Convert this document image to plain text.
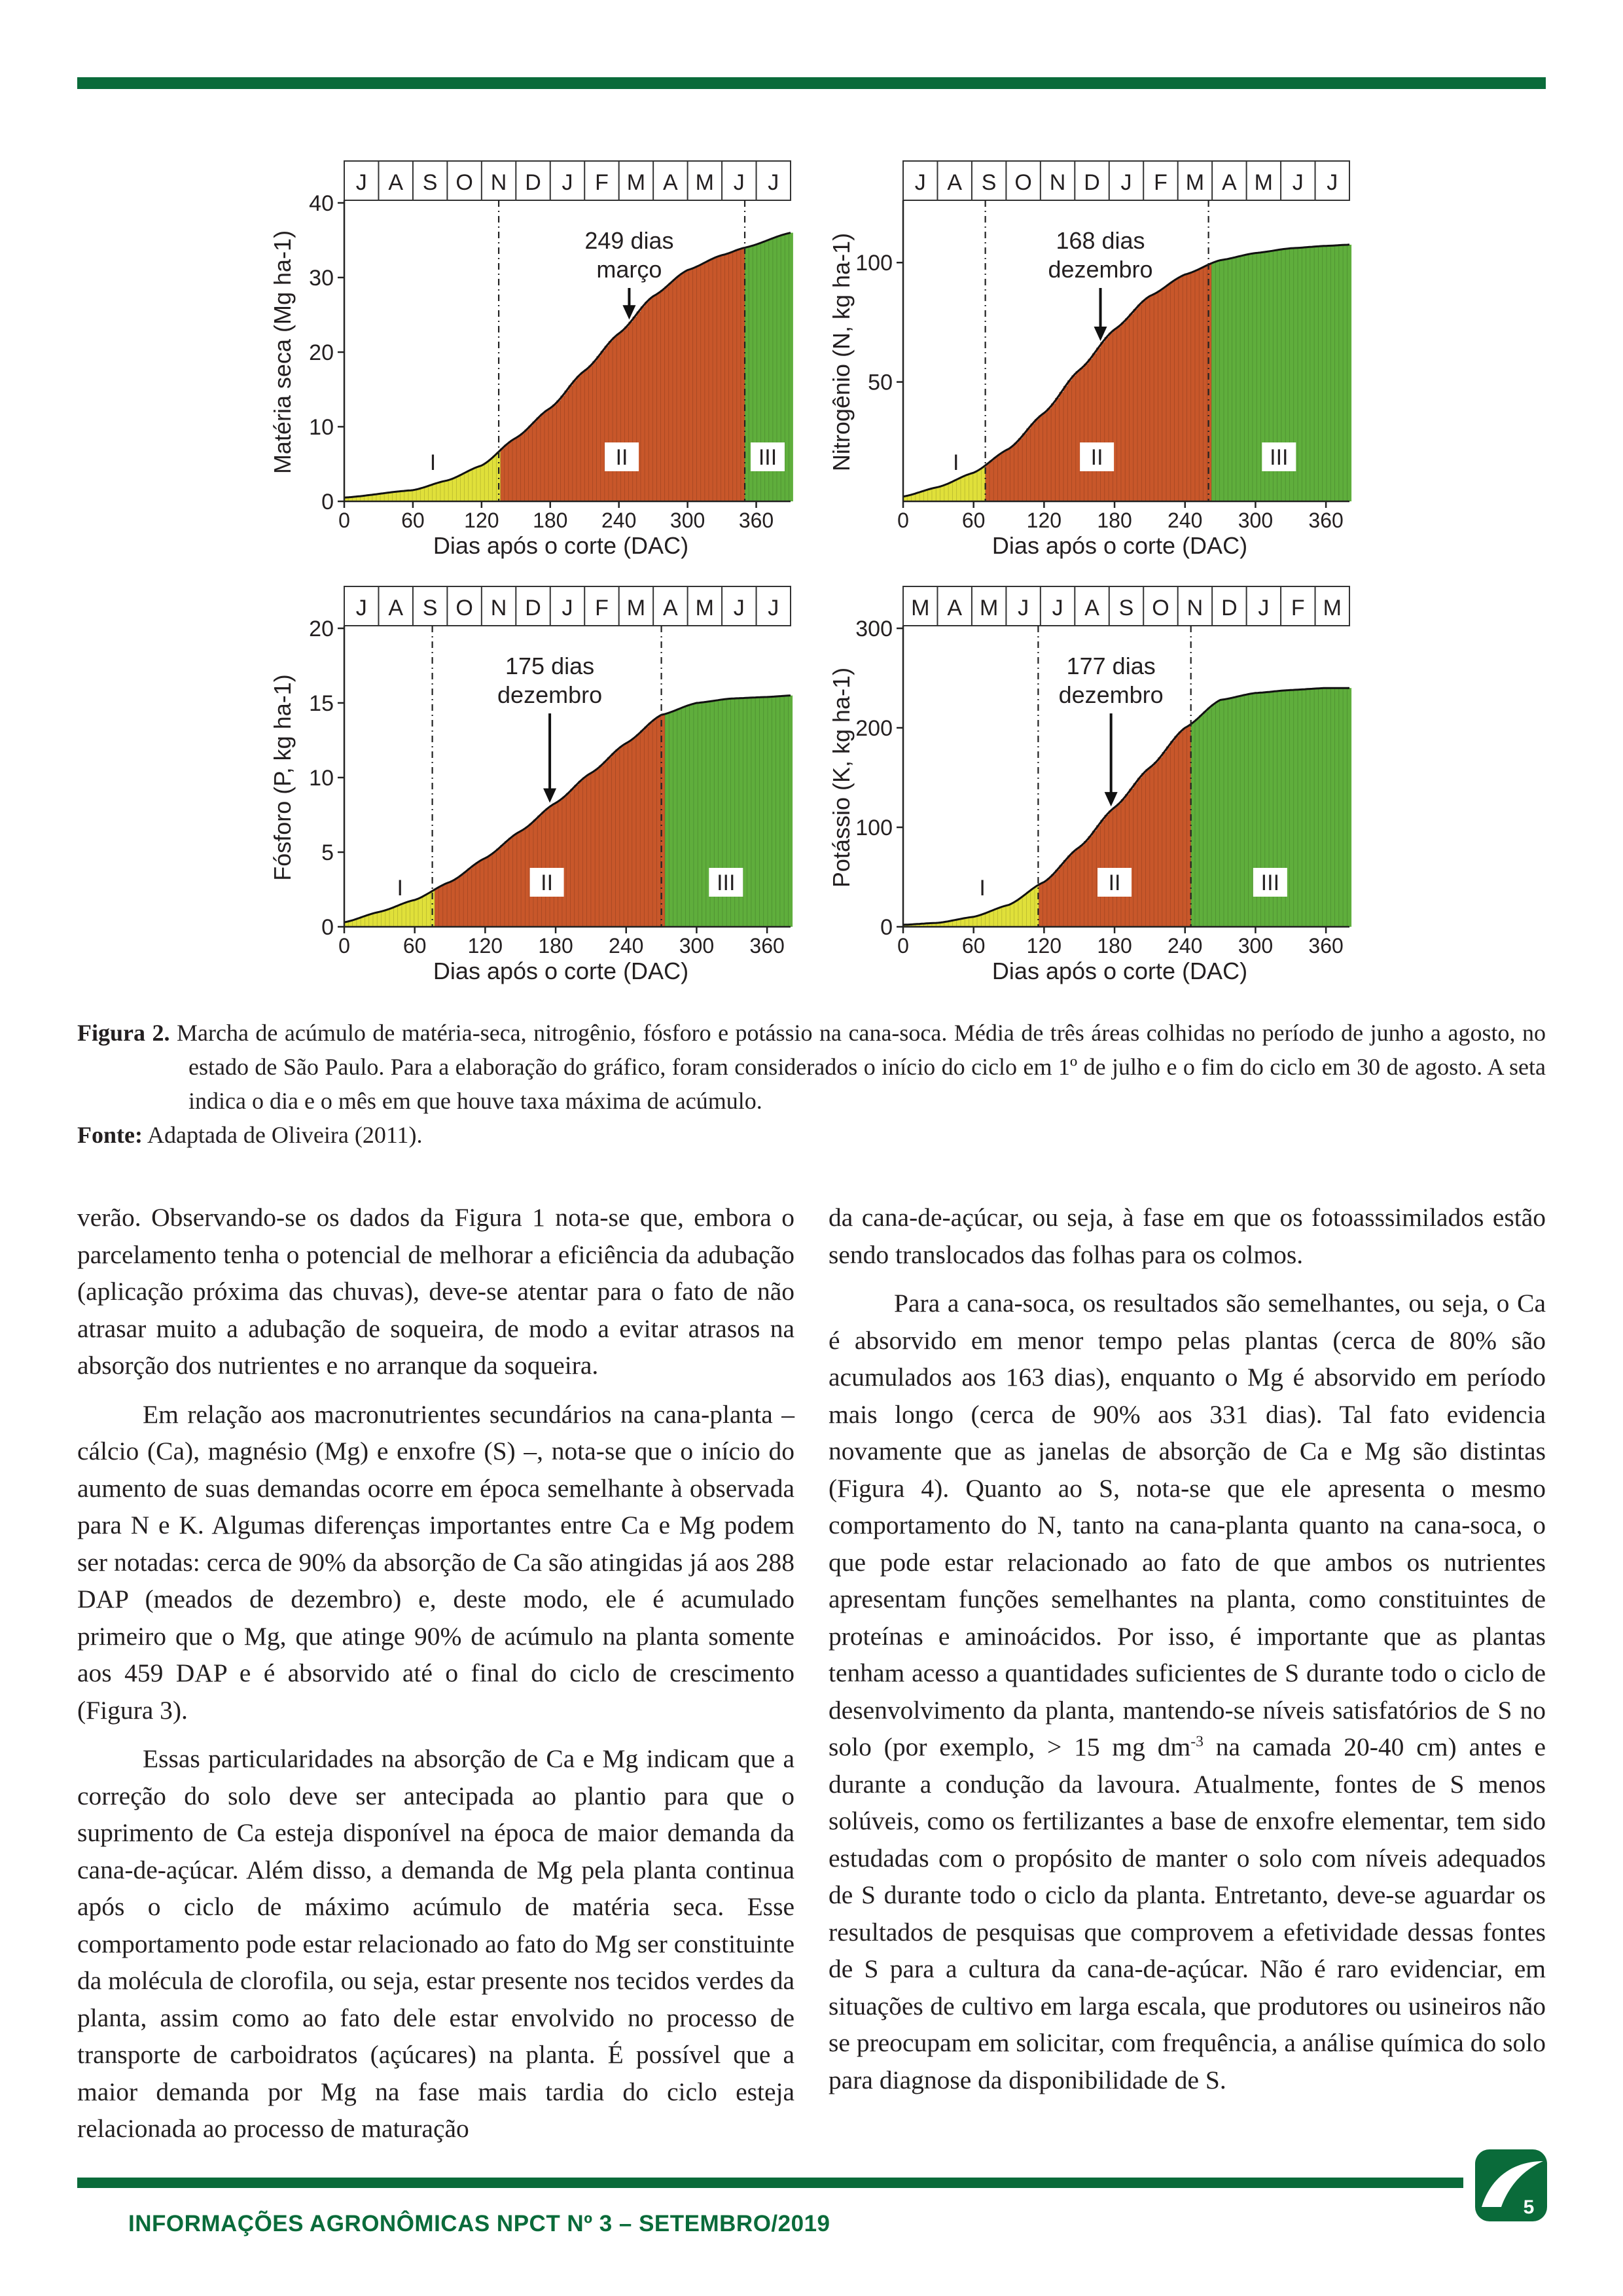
J A S O N D J F M A M J J
0
10
20
30
40
0 60 120 180 240 300 360
Dias após o corte (DAC)
Matéria seca (Mg ha-1)	I	II	III
249 dias
março
J A S O N D J F M A M J J
50
100
0	60 120 180 240 300 360
Dias após o corte (DAC)
Nitrogênio (N, kg ha-1)	I	II	III
168 dias
dezembro
J A S O N D J F M A M J J
0
5
10
15
20
0	60 120 180 240 300 360
Dias após o corte (DAC)
Fósforo (P, kg ha-1)
I	II	III
175 dias
dezembro
M A M J J A S O N D J F M
0
100
200
300
0	60 120 180 240 300 360
Dias após o corte (DAC)
Potássio (K, kg ha-1)
I	II	III
177 dias
dezembro
Figura 2. Marcha de acúmulo de matéria-seca, nitrogênio, fósforo e potássio na cana-soca. Média de três áreas colhidas no período de junho a agosto, no estado de São Paulo. Para a elaboração do gráfico, foram considerados o início do ciclo em 1º de julho e o fim do ciclo em 30 de agosto. A seta indica o dia e o mês em que houve taxa máxima de acúmulo.
Fonte: Adaptada de Oliveira (2011).

verão. Observando-se os dados da Figura 1 nota-se que, embora o parcelamento tenha o potencial de melhorar a eficiência da adubação (aplicação próxima das chuvas), deve-se atentar para o fato de não atrasar muito a adubação de soqueira, de modo a evitar atrasos na absorção dos nutrientes e no arranque da soqueira.

Em relação aos macronutrientes secundários na cana-planta – cálcio (Ca), magnésio (Mg) e enxofre (S) –, nota-se que o início do aumento de suas demandas ocorre em época semelhante à observada para N e K. Algumas diferenças importantes entre Ca e Mg podem ser notadas: cerca de 90% da absorção de Ca são atingidas já aos 288 DAP (meados de dezembro) e, deste modo, ele é acumulado primeiro que o Mg, que atinge 90% de acúmulo na planta somente aos 459 DAP e é absorvido até o final do ciclo de crescimento (Figura 3).

Essas particularidades na absorção de Ca e Mg indicam que a correção do solo deve ser antecipada ao plantio para que o suprimento de Ca esteja disponível na época de maior demanda da cana-de-açúcar. Além disso, a demanda de Mg pela planta continua após o ciclo de máximo acúmulo de matéria seca. Esse comportamento pode estar relacionado ao fato do Mg ser constituinte da molécula de clorofila, ou seja, estar presente nos tecidos verdes da planta, assim como ao fato dele estar envolvido no processo de transporte de carboidratos (açúcares) na planta. É possível que a maior demanda por Mg na fase mais tardia do ciclo esteja relacionada ao processo de maturação

da cana-de-açúcar, ou seja, à fase em que os fotoasssimilados estão sendo translocados das folhas para os colmos.

Para a cana-soca, os resultados são semelhantes, ou seja, o Ca é absorvido em menor tempo pelas plantas (cerca de 80% são acumulados aos 163 dias), enquanto o Mg é absorvido em período mais longo (cerca de 90% aos 331 dias). Tal fato evidencia novamente que as janelas de absorção de Ca e Mg são distintas (Figura 4). Quanto ao S, nota-se que ele apresenta o mesmo comportamento do N, tanto na cana-planta quanto na cana-soca, o que pode estar relacionado ao fato de que ambos os nutrientes apresentam funções semelhantes na planta, como constituintes de proteínas e aminoácidos. Por isso, é importante que as plantas tenham acesso a quantidades suficientes de S durante todo o ciclo de desenvolvimento da planta, mantendo-se níveis satisfatórios de S no solo (por exemplo, > 15 mg $dm^{-3}$ na camada 20-40 cm) antes e durante a condução da lavoura. Atualmente, fontes de S menos solúveis, como os fertilizantes a base de enxofre elementar, tem sido estudadas com o propósito de manter o solo com níveis adequados de S durante todo o ciclo da planta. Entretanto, deve-se aguardar os resultados de pesquisas que comprovem a efetividade dessas fontes de S para a cultura da cana-de-açúcar. Não é raro evidenciar, em situações de cultivo em larga escala, que produtores ou usineiros não se preocupam em solicitar, com frequência, a análise química do solo para diagnose da disponibilidade de S.

INFORMAÇÕES AGRONÔMICAS NPCT Nº 3 – SETEMBRO/2019
5
